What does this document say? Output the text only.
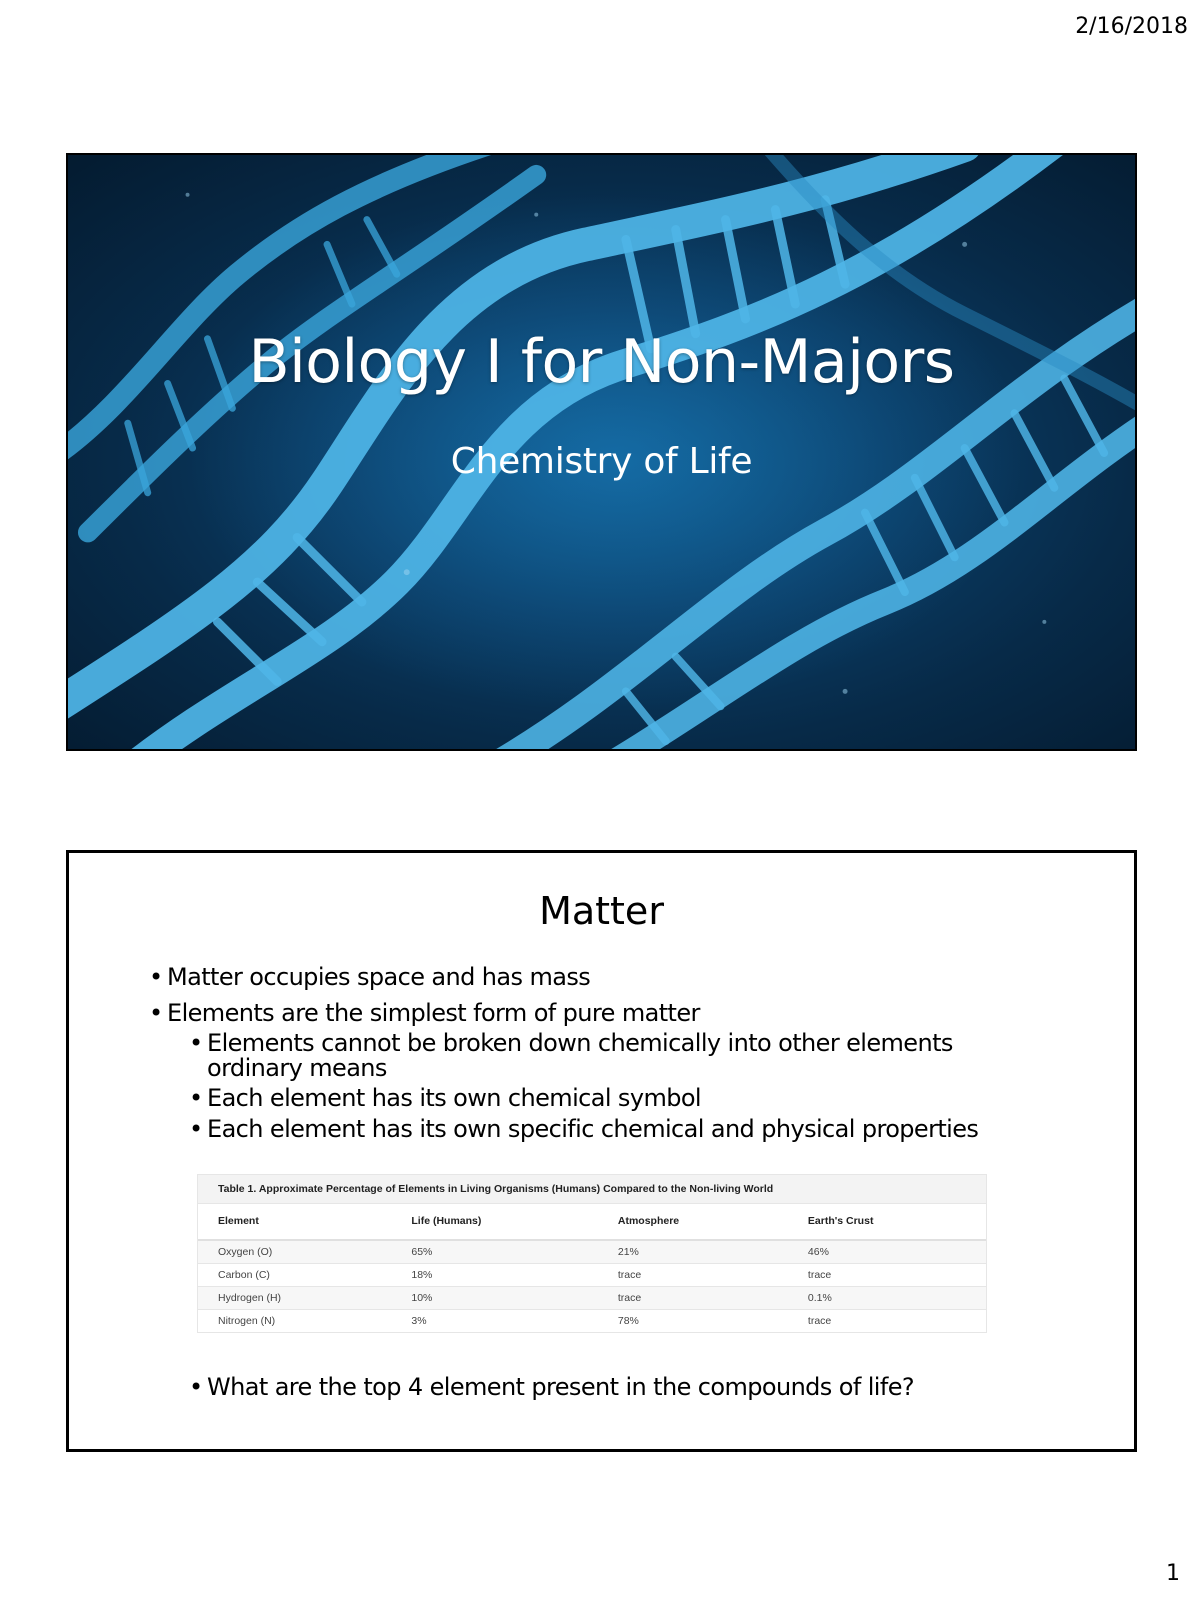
2/16/2018
Biology I for Non-Majors
Chemistry of Life
Matter
• Matter occupies space and has mass
• Elements are the simplest form of pure matter
• Elements cannot be broken down chemically into other elements ordinary means
• Each element has its own chemical symbol
• Each element has its own specific chemical and physical properties
Table 1. Approximate Percentage of Elements in Living Organisms (Humans) Compared to the Non-living World
Element	Life (Humans)	Atmosphere	Earth's Crust
Oxygen (O)	65%	21%	46%
Carbon (C)	18%	trace	trace
Hydrogen (H)	10%	trace	0.1%
Nitrogen (N)	3%	78%	trace
• What are the top 4 element present in the compounds of life?
1
